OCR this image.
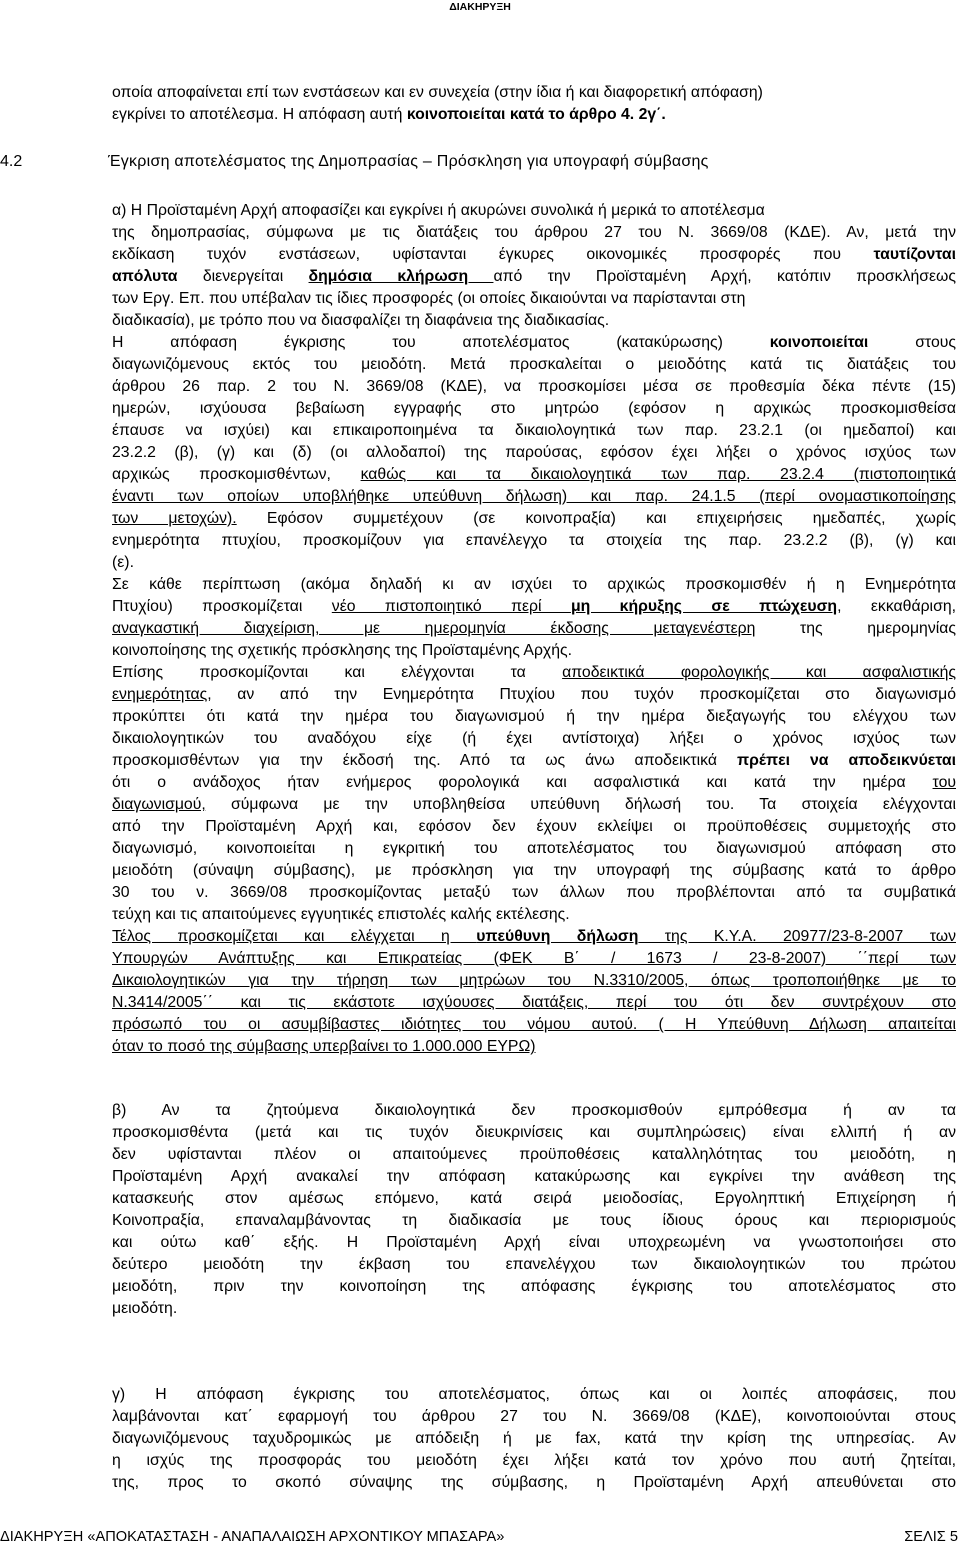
ΔΙΑΚΗΡΥΞΗ
οποία αποφαίνεται επί των ενστάσεων και εν συνεχεία (στην ίδια ή και διαφορετική απόφαση)
εγκρίνει το αποτέλεσμα. Η απόφαση αυτή κοινοποιείται κατά το άρθρο 4. 2γ΄.
4.2	Έγκριση αποτελέσματος της Δημοπρασίας – Πρόσκληση για υπογραφή σύμβασης
α) Η Προϊσταμένη Αρχή αποφασίζει και εγκρίνει ή ακυρώνει συνολικά ή μερικά το αποτέλεσμα
της δημοπρασίας, σύμφωνα με τις διατάξεις του άρθρου 27 του Ν. 3669/08 (ΚΔΕ). Αν, μετά την
εκδίκαση τυχόν ενστάσεων, υφίστανται έγκυρες οικονομικές προσφορές που ταυτίζονται
απόλυτα διενεργείται δημόσια κλήρωση από την Προϊσταμένη Αρχή, κατόπιν προσκλήσεως
των Εργ. Επ. που υπέβαλαν τις ίδιες προσφορές (οι οποίες δικαιούνται να παρίστανται στη
διαδικασία), με τρόπο που να διασφαλίζει τη διαφάνεια της διαδικασίας.
Η απόφαση έγκρισης του αποτελέσματος (κατακύρωσης)	κοινοποιείται	στους
διαγωνιζόμενους εκτός του μειοδότη. Μετά προσκαλείται ο μειοδότης κατά τις διατάξεις του
άρθρου 26 παρ. 2 του Ν. 3669/08 (ΚΔΕ), να προσκομίσει μέσα σε προθεσμία δέκα πέντε (15)
ημερών, ισχύουσα βεβαίωση εγγραφής στο μητρώο (εφόσον η αρχικώς προσκομισθείσα
έπαυσε να ισχύει) και επικαιροποιημένα τα δικαιολογητικά των παρ. 23.2.1 (οι ημεδαποί) και
23.2.2 (β), (γ) και (δ) (οι αλλοδαποί) της παρούσας, εφόσον έχει λήξει ο χρόνος ισχύος των
αρχικώς προσκομισθέντων, καθώς και τα δικαιολογητικά των παρ. 23.2.4 (πιστοποιητικά
έναντι των οποίων υποβλήθηκε υπεύθυνη δήλωση) και παρ. 24.1.5 (περί ονομαστικοποίησης
των μετοχών). Εφόσον συμμετέχουν (σε κοινοπραξία) και επιχειρήσεις ημεδαπές, χωρίς
ενημερότητα πτυχίου, προσκομίζουν για επανέλεγχο τα στοιχεία της παρ. 23.2.2 (β), (γ) και
(ε).
Σε κάθε περίπτωση (ακόμα δηλαδή κι αν ισχύει το αρχικώς προσκομισθέν ή η Ενημερότητα
Πτυχίου) προσκομίζεται νέο πιστοποιητικό περί μη κήρυξης σε πτώχευση, εκκαθάριση,
αναγκαστική διαχείριση, με ημερομηνία έκδοσης μεταγενέστερη	της ημερομηνίας
κοινοποίησης της σχετικής πρόσκλησης της Προϊσταμένης Αρχής.
Επίσης προσκομίζονται και ελέγχονται τα αποδεικτικά φορολογικής και ασφαλιστικής
ενημερότητας, αν από την Ενημερότητα Πτυχίου που τυχόν προσκομίζεται στο διαγωνισμό
προκύπτει ότι κατά την ημέρα του διαγωνισμού ή την ημέρα διεξαγωγής του ελέγχου των
δικαιολογητικών του αναδόχου είχε (ή έχει αντίστοιχα) λήξει ο χρόνος ισχύος των
προσκομισθέντων για την έκδοσή της. Από τα ως άνω αποδεικτικά πρέπει να αποδεικνύεται
ότι ο ανάδοχος ήταν ενήμερος φορολογικά και ασφαλιστικά και κατά την ημέρα του
διαγωνισμού, σύμφωνα με την υποβληθείσα υπεύθυνη δήλωσή του. Τα στοιχεία ελέγχονται
από την Προϊσταμένη Αρχή και, εφόσον δεν έχουν εκλείψει οι προϋποθέσεις συμμετοχής στο
διαγωνισμό, κοινοποιείται η εγκριτική του αποτελέσματος του διαγωνισμού απόφαση στο
μειοδότη (σύναψη σύμβασης), με πρόσκληση για την υπογραφή της σύμβασης κατά το άρθρο
30 του ν. 3669/08 προσκομίζοντας μεταξύ των άλλων που προβλέπονται από τα συμβατικά
τεύχη και τις απαιτούμενες εγγυητικές επιστολές καλής εκτέλεσης.
Τέλος προσκομίζεται και ελέγχεται η υπεύθυνη δήλωση της Κ.Υ.Α. 20977/23-8-2007 των
Υπουργών Ανάπτυξης και Επικρατείας (ΦΕΚ Β΄ / 1673 / 23-8-2007) ΄΄περί των
Δικαιολογητικών για την τήρηση των μητρώων του Ν.3310/2005, όπως τροποποιήθηκε με το
Ν.3414/2005΄΄ και τις εκάστοτε ισχύουσες διατάξεις, περί του ότι δεν συντρέχουν στο
πρόσωπό του οι ασυμβίβαστες ιδιότητες του νόμου αυτού. ( Η Υπεύθυνη Δήλωση απαιτείται
όταν το ποσό της σύμβασης υπερβαίνει το 1.000.000 ΕΥΡΩ)
β) Αν τα ζητούμενα δικαιολογητικά δεν προσκομισθούν εμπρόθεσμα ή αν τα
προσκομισθέντα (μετά και τις τυχόν διευκρινίσεις και συμπληρώσεις) είναι ελλιπή ή αν
δεν υφίστανται πλέον οι απαιτούμενες προϋποθέσεις καταλληλότητας του μειοδότη, η
Προϊσταμένη Αρχή ανακαλεί την απόφαση κατακύρωσης και εγκρίνει την ανάθεση της
κατασκευής στον αμέσως επόμενο, κατά σειρά μειοδοσίας, Εργοληπτική Επιχείρηση ή
Κοινοπραξία, επαναλαμβάνοντας τη διαδικασία με τους ίδιους όρους και περιορισμούς
και ούτω καθ΄ εξής. Η Προϊσταμένη Αρχή είναι υποχρεωμένη να γνωστοποιήσει στο
δεύτερο μειοδότη την έκβαση του επανελέγχου των δικαιολογητικών του πρώτου
μειοδότη, πριν την κοινοποίηση της απόφασης έγκρισης του αποτελέσματος στο
μειοδότη.
γ) Η απόφαση έγκρισης του αποτελέσματος, όπως και οι λοιπές αποφάσεις, που
λαμβάνονται κατ΄ εφαρμογή του άρθρου 27 του Ν. 3669/08 (ΚΔΕ), κοινοποιούνται στους
διαγωνιζόμενους ταχυδρομικώς με απόδειξη ή με fax, κατά την κρίση της υπηρεσίας. Αν
η ισχύς της προσφοράς του μειοδότη έχει λήξει κατά τον χρόνο που αυτή ζητείται,
της, προς το σκοπό σύναψης της σύμβασης, η Προϊσταμένη Αρχή απευθύνεται στο
ΔΙΑΚΗΡΥΞΗ «ΑΠΟΚΑΤΑΣΤΑΣΗ - ΑΝΑΠΑΛΑΙΩΣΗ ΑΡΧΟΝΤΙΚΟΥ ΜΠΑΣΑΡΑ»	ΣΕΛΙΣ 5
